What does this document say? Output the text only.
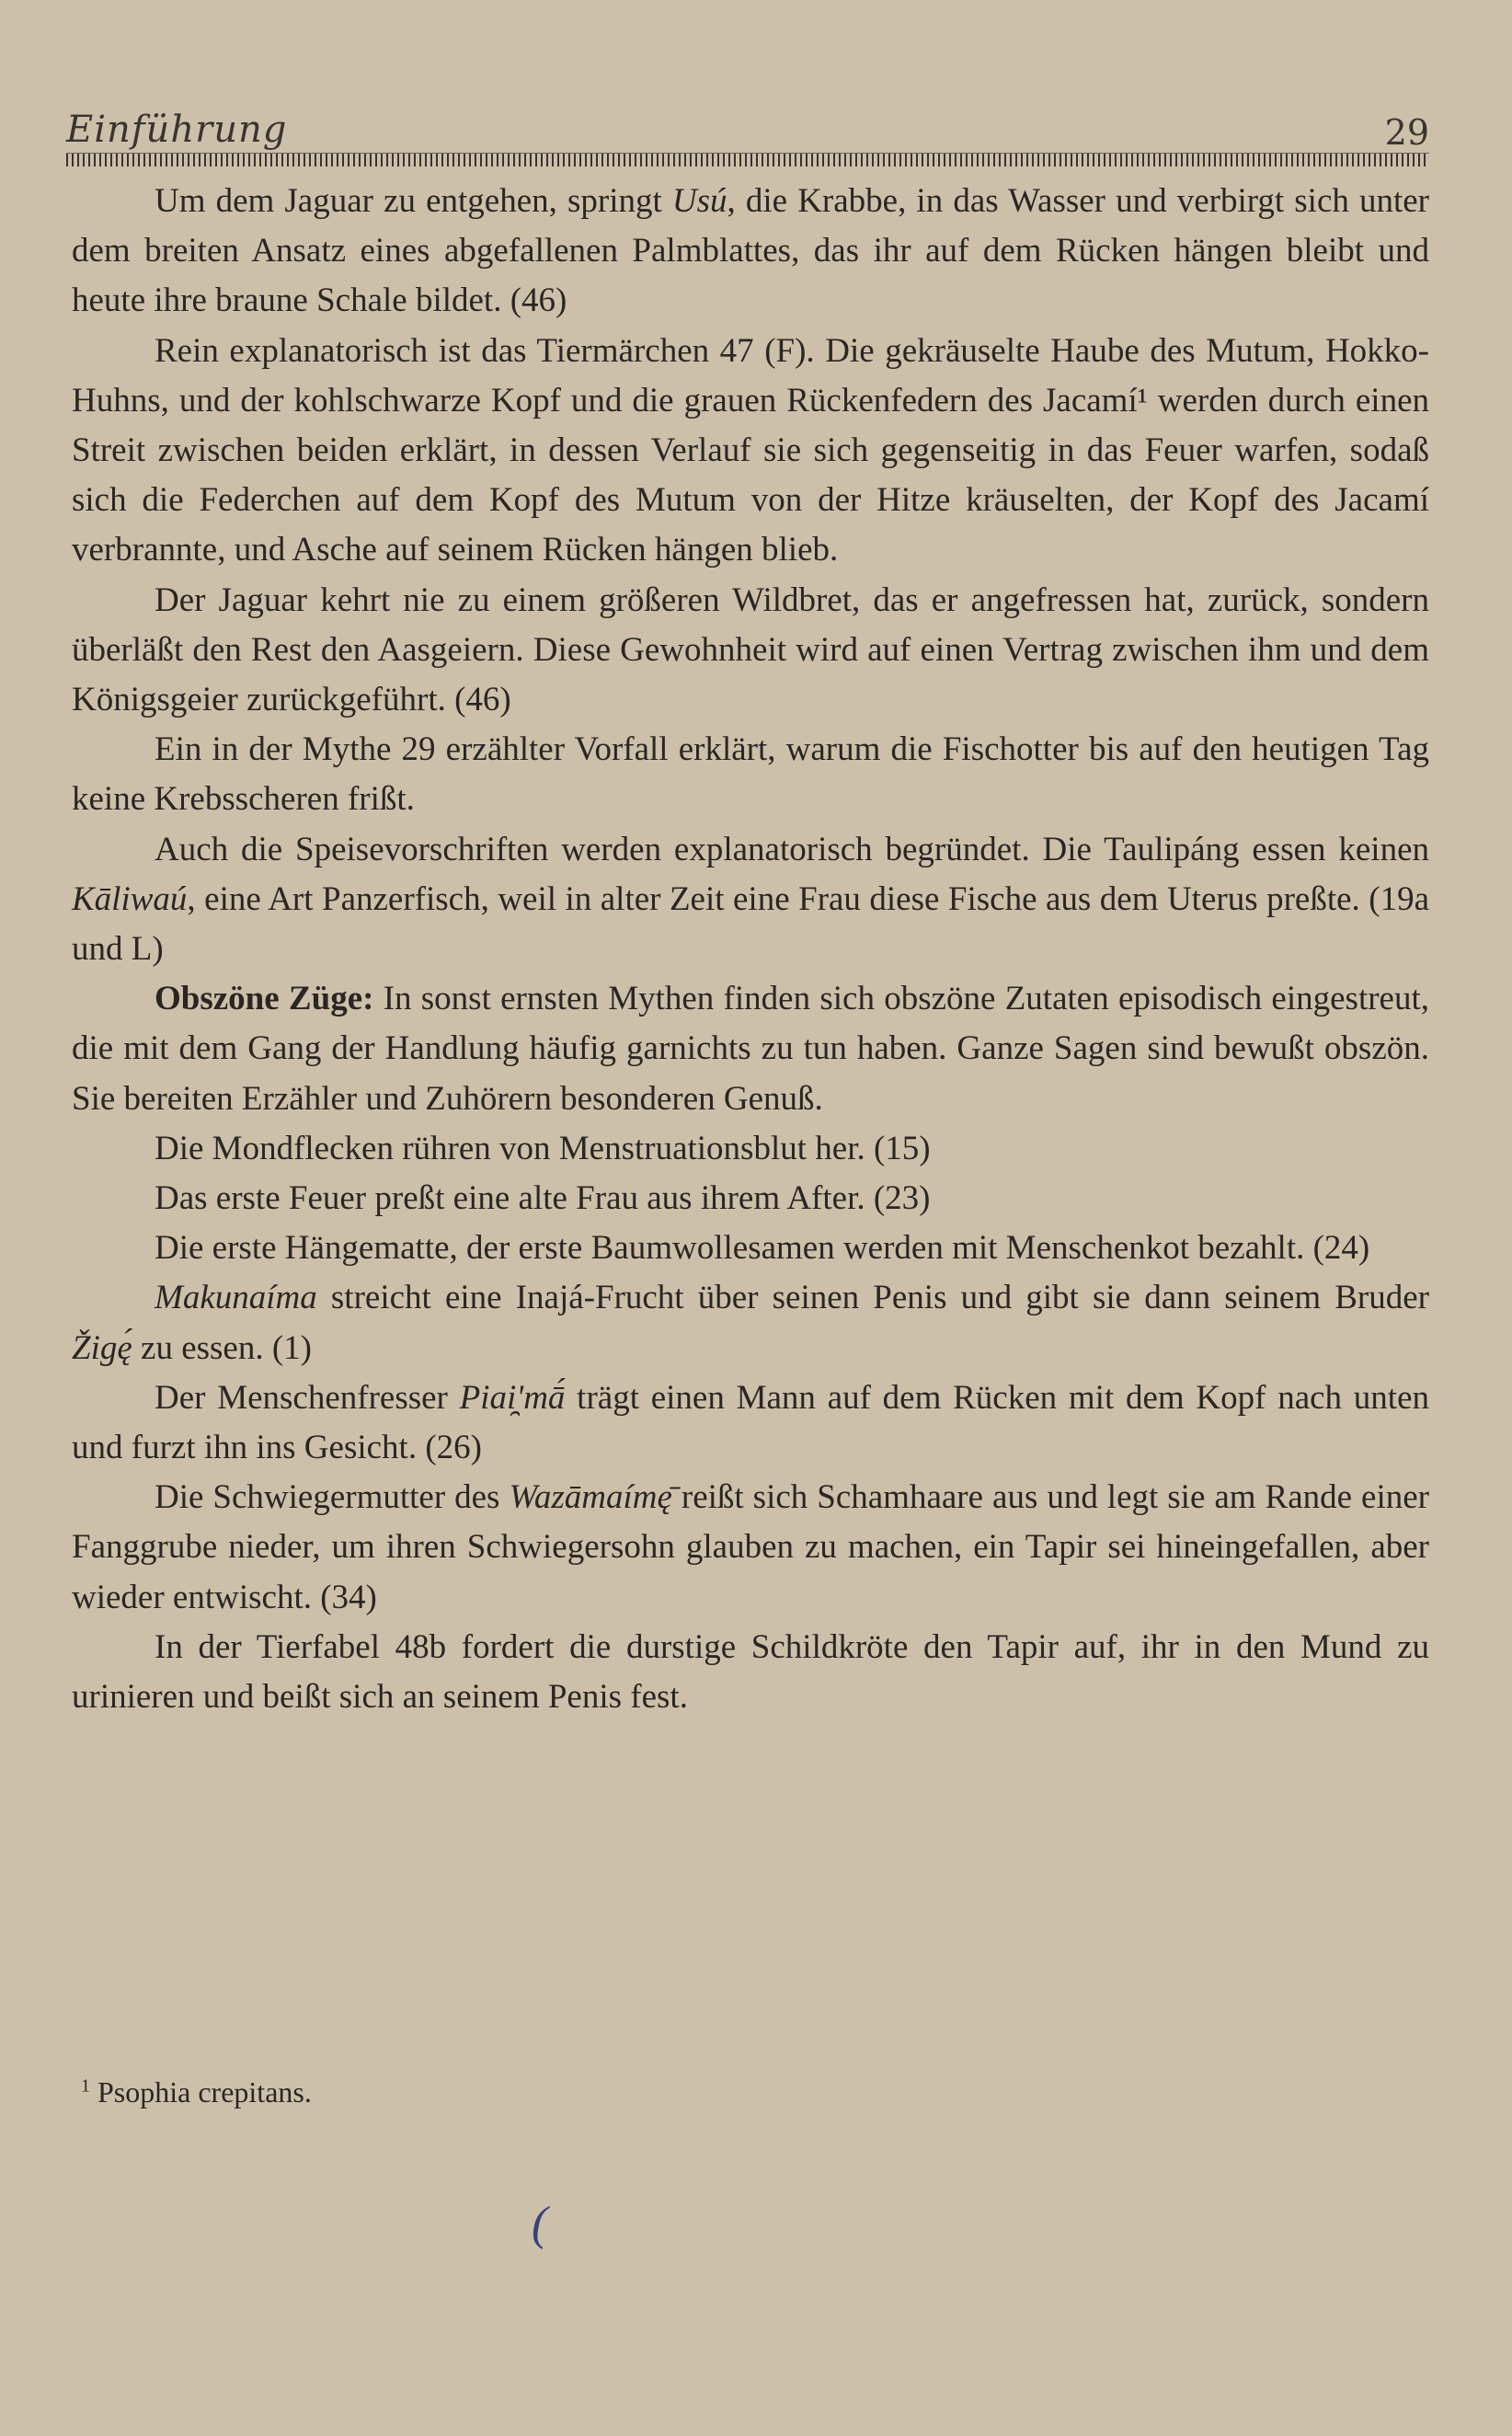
Einführung	29

Um dem Jaguar zu entgehen, springt Usú, die Krabbe, in das Wasser und verbirgt sich unter dem breiten Ansatz eines abgefallenen Palmblattes, das ihr auf dem Rücken hängen bleibt und heute ihre braune Schale bildet. (46)

Rein explanatorisch ist das Tiermärchen 47 (F). Die gekräuselte Haube des Mutum, Hokko-Huhns, und der kohlschwarze Kopf und die grauen Rückenfedern des Jacamí¹ werden durch einen Streit zwischen beiden erklärt, in dessen Verlauf sie sich gegenseitig in das Feuer warfen, sodaß sich die Federchen auf dem Kopf des Mutum von der Hitze kräuselten, der Kopf des Jacamí verbrannte, und Asche auf seinem Rücken hängen blieb.

Der Jaguar kehrt nie zu einem größeren Wildbret, das er angefressen hat, zurück, sondern überläßt den Rest den Aasgeiern. Diese Gewohnheit wird auf einen Vertrag zwischen ihm und dem Königsgeier zurückgeführt. (46)

Ein in der Mythe 29 erzählter Vorfall erklärt, warum die Fischotter bis auf den heutigen Tag keine Krebsscheren frißt.

Auch die Speisevorschriften werden explanatorisch begründet. Die Taulipáng essen keinen Kāliwaú, eine Art Panzerfisch, weil in alter Zeit eine Frau diese Fische aus dem Uterus preßte. (19a und L)

Obszöne Züge: In sonst ernsten Mythen finden sich obszöne Zutaten episodisch eingestreut, die mit dem Gang der Handlung häufig garnichts zu tun haben. Ganze Sagen sind bewußt obszön. Sie bereiten Erzähler und Zuhörern besonderen Genuß.

Die Mondflecken rühren von Menstruationsblut her. (15)

Das erste Feuer preßt eine alte Frau aus ihrem After. (23)

Die erste Hängematte, der erste Baumwollesamen werden mit Menschenkot bezahlt. (24)

Makunaíma streicht eine Inajá-Frucht über seinen Penis und gibt sie dann seinem Bruder Žigę́ zu essen. (1)

Der Menschenfresser Piai̯'mā́ trägt einen Mann auf dem Rücken mit dem Kopf nach unten und furzt ihn ins Gesicht. (26)

Die Schwiegermutter des Wazāmaímę̄ reißt sich Schamhaare aus und legt sie am Rande einer Fanggrube nieder, um ihren Schwiegersohn glauben zu machen, ein Tapir sei hineingefallen, aber wieder entwischt. (34)

In der Tierfabel 48b fordert die durstige Schildkröte den Tapir auf, ihr in den Mund zu urinieren und beißt sich an seinem Penis fest.

$^1$ Psophia crepitans.
(
